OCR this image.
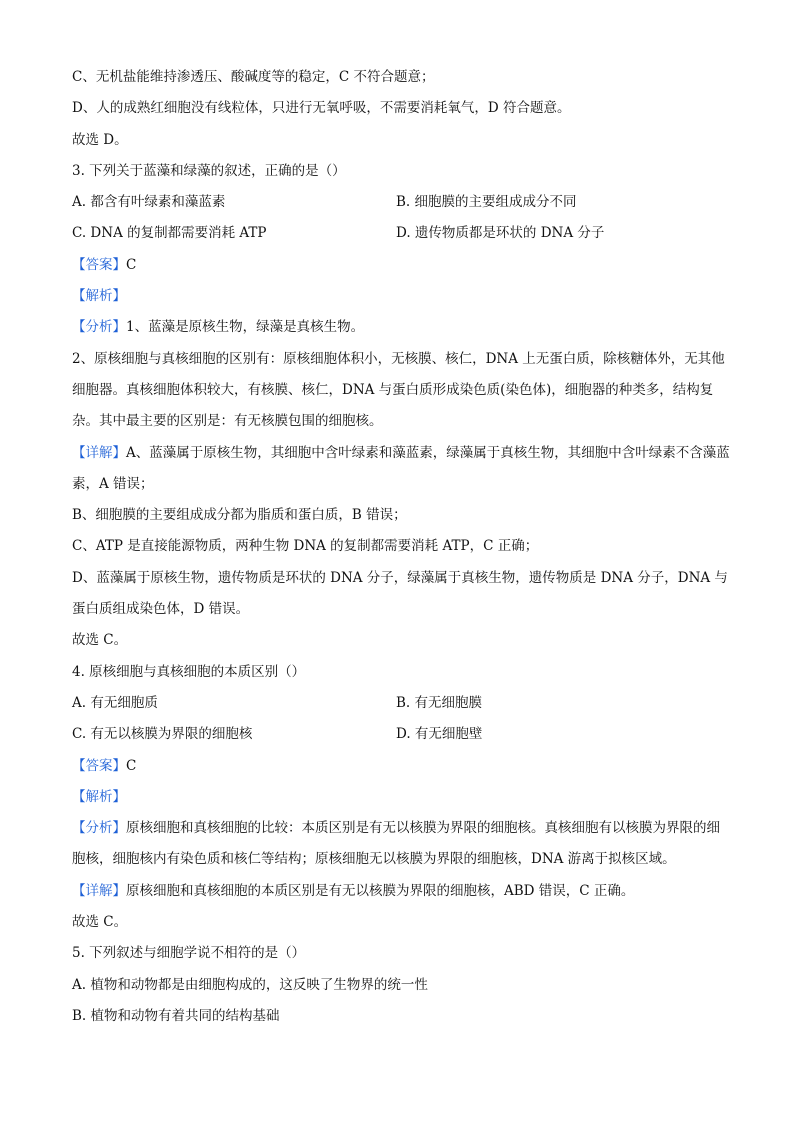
C、无机盐能维持渗透压、酸碱度等的稳定，C 不符合题意；
D、人的成熟红细胞没有线粒体，只进行无氧呼吸，不需要消耗氧气，D 符合题意。
故选 D。
3. 下列关于蓝藻和绿藻的叙述，正确的是（）
A. 都含有叶绿素和藻蓝素	B. 细胞膜的主要组成成分不同
C. DNA 的复制都需要消耗 ATP	D. 遗传物质都是环状的 DNA 分子
【答案】C
【解析】
【分析】1、蓝藻是原核生物，绿藻是真核生物。
2、原核细胞与真核细胞的区别有：原核细胞体积小，无核膜、核仁，DNA 上无蛋白质，除核糖体外，无其他细胞器。真核细胞体积较大，有核膜、核仁，DNA 与蛋白质形成染色质(染色体)，细胞器的种类多，结构复杂。其中最主要的区别是：有无核膜包围的细胞核。
【详解】A、蓝藻属于原核生物，其细胞中含叶绿素和藻蓝素，绿藻属于真核生物，其细胞中含叶绿素不含藻蓝素，A 错误；
B、细胞膜的主要组成成分都为脂质和蛋白质，B 错误；
C、ATP 是直接能源物质，两种生物 DNA 的复制都需要消耗 ATP，C 正确；
D、蓝藻属于原核生物，遗传物质是环状的 DNA 分子，绿藻属于真核生物，遗传物质是 DNA 分子，DNA 与蛋白质组成染色体，D 错误。
故选 C。
4. 原核细胞与真核细胞的本质区别（）
A. 有无细胞质	B. 有无细胞膜
C. 有无以核膜为界限的细胞核	D. 有无细胞壁
【答案】C
【解析】
【分析】原核细胞和真核细胞的比较：本质区别是有无以核膜为界限的细胞核。真核细胞有以核膜为界限的细胞核，细胞核内有染色质和核仁等结构；原核细胞无以核膜为界限的细胞核，DNA 游离于拟核区域。
【详解】原核细胞和真核细胞的本质区别是有无以核膜为界限的细胞核，ABD 错误，C 正确。
故选 C。
5. 下列叙述与细胞学说不相符的是（）
A. 植物和动物都是由细胞构成的，这反映了生物界的统一性
B. 植物和动物有着共同的结构基础
